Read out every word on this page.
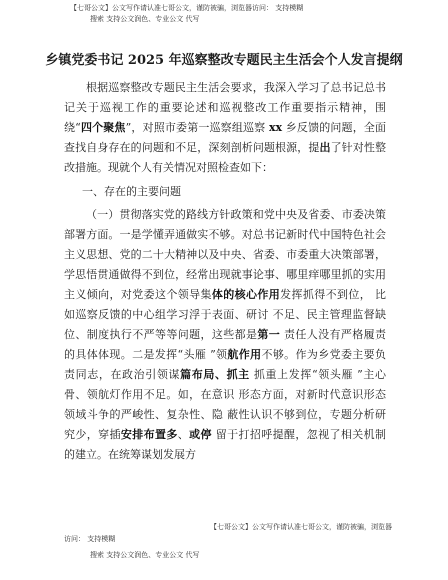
【七哥公文】公文写作请认准七哥公文，谨防被骗，浏览器访问： 支持模糊
搜索 支持公文润色、专业公文 代写
乡镇党委书记 2025 年巡察整改专题民主生活会个人发言提纲
根据巡察整改专题民主生活会要求，我深入学习了总书记总书记关于巡视工作的重要论述和巡视整改工作重要指示精神，围绕“四个聚焦”，对照市委第一巡察组巡察 xx 乡反馈的问题，全面查找自身存在的问题和不足，深刻剖析问题根源，提出了针对性整改措施。现就个人有关情况对照检查如下：
一、存在的主要问题
（一）贯彻落实党的路线方针政策和党中央及省委、市委决策部署方面。一是学懂弄通做实不够。对总书记新时代中国特色社会主义思想、党的二十大精神以及中央、省委、市委重大决策部署，学思悟贯通做得不到位，经常出现就事论事、哪里痒哪里抓的实用主义倾向，对党委这个领导集体的核心作用发挥抓得不到位， 比如巡察反馈的中心组学习浮于表面、研讨 不足、民主管理监督缺位、制度执行不严等等问题，这些都是第一 责任人没有严格履责的具体体现。二是发挥“头雁 ”领航作用不够。作为乡党委主要负责同志，在政治引领谋篇布局、抓主 抓重上发挥“领头雁 ”主心骨、领航灯作用不足。如，在意识 形态方面，对新时代意识形态领域斗争的严峻性、复杂性、隐 蔽性认识不够到位，专题分析研究少，穿插安排布置多、或停 留于打招呼提醒，忽视了相关机制的建立。在统筹谋划发展方
【七哥公文】公文写作请认准七哥公文，谨防被骗，浏览器
访问： 支持模糊
搜索 支持公文润色、专业公文 代写
